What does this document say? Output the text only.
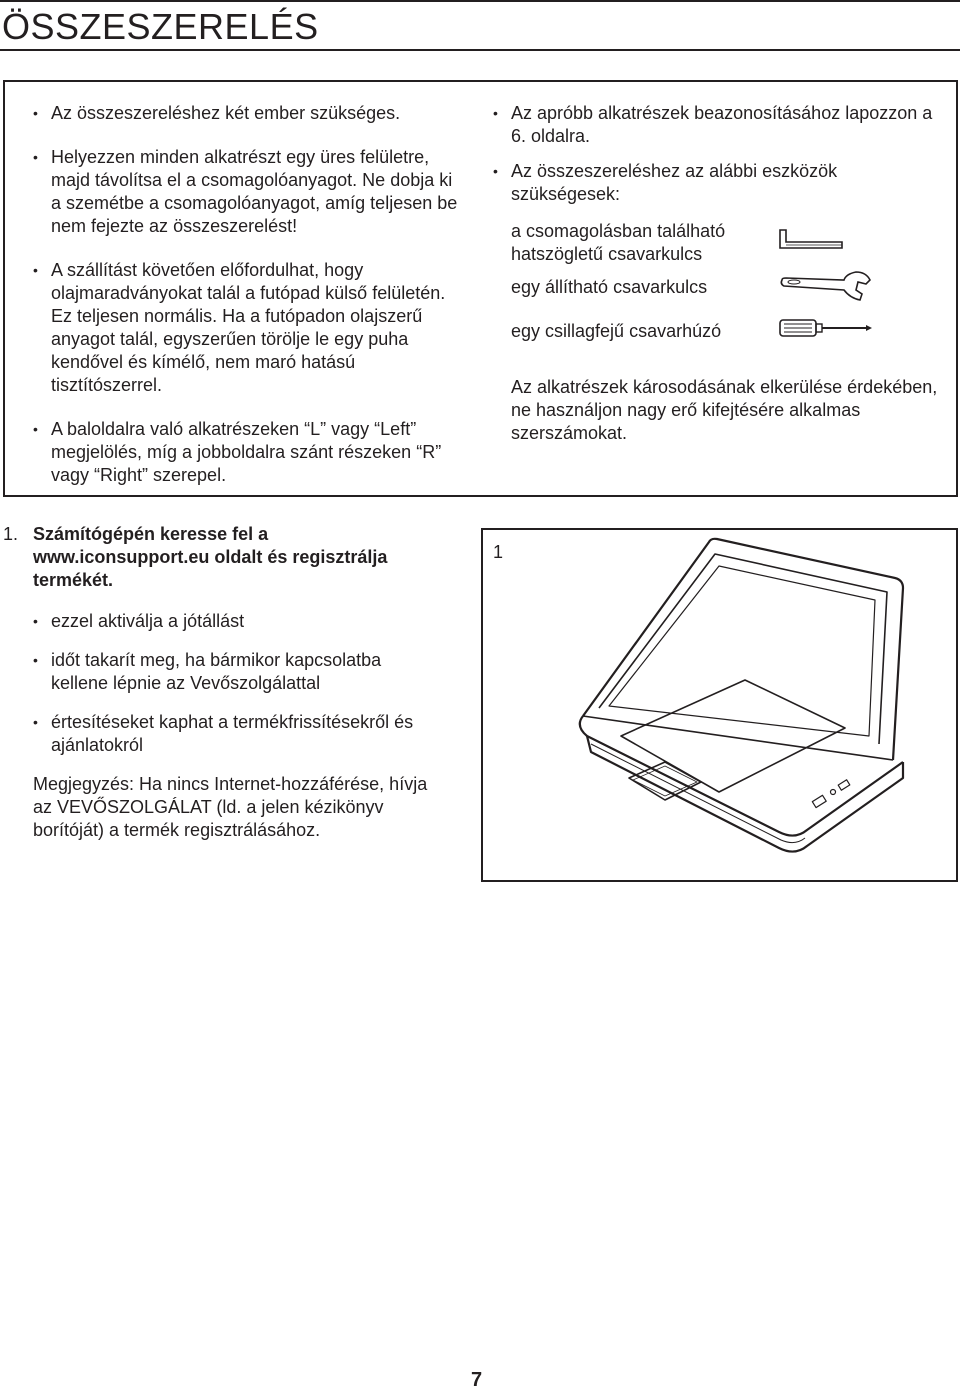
ÖSSZESZERELÉS
• Az összeszereléshez két ember szükséges.
• Helyezzen minden alkatrészt egy üres felületre, majd távolítsa el a csomagolóanyagot. Ne dobja ki a szemétbe a csomagolóanyagot, amíg teljesen be nem fejezte az összeszerelést!
• A szállítást követően előfordulhat, hogy olajmaradványokat talál a futópad külső felületén. Ez teljesen normális. Ha a futópadon olajszerű anyagot talál, egyszerűen törölje le egy puha kendővel és kímélő, nem maró hatású tisztítószerrel.
• A baloldalra való alkatrészeken “L” vagy “Left” megjelölés, míg a jobboldalra szánt részeken “R” vagy “Right” szerepel.
• Az apróbb alkatrészek beazonosításához lapozzon a 6. oldalra.
• Az összeszereléshez az alábbi eszközök szükségesek:
a csomagolásban található hatszögletű csavarkulcs
egy állítható csavarkulcs
egy csillagfejű csavarhúzó
Az alkatrészek károsodásának elkerülése érdekében, ne használjon nagy erő kifejtésére alkalmas szerszámokat.
1. Számítógépén keresse fel a www.iconsupport.eu oldalt és regisztrálja termékét.
• ezzel aktiválja a jótállást
• időt takarít meg, ha bármikor kapcsolatba kellene lépnie az Vevőszolgálattal
• értesítéseket kaphat a termékfrissítésekről és ajánlatokról
Megjegyzés: Ha nincs Internet-hozzáférése, hívja az VEVŐSZOLGÁLAT (ld. a jelen kézikönyv borítóját) a termék regisztrálásához.
1
7
